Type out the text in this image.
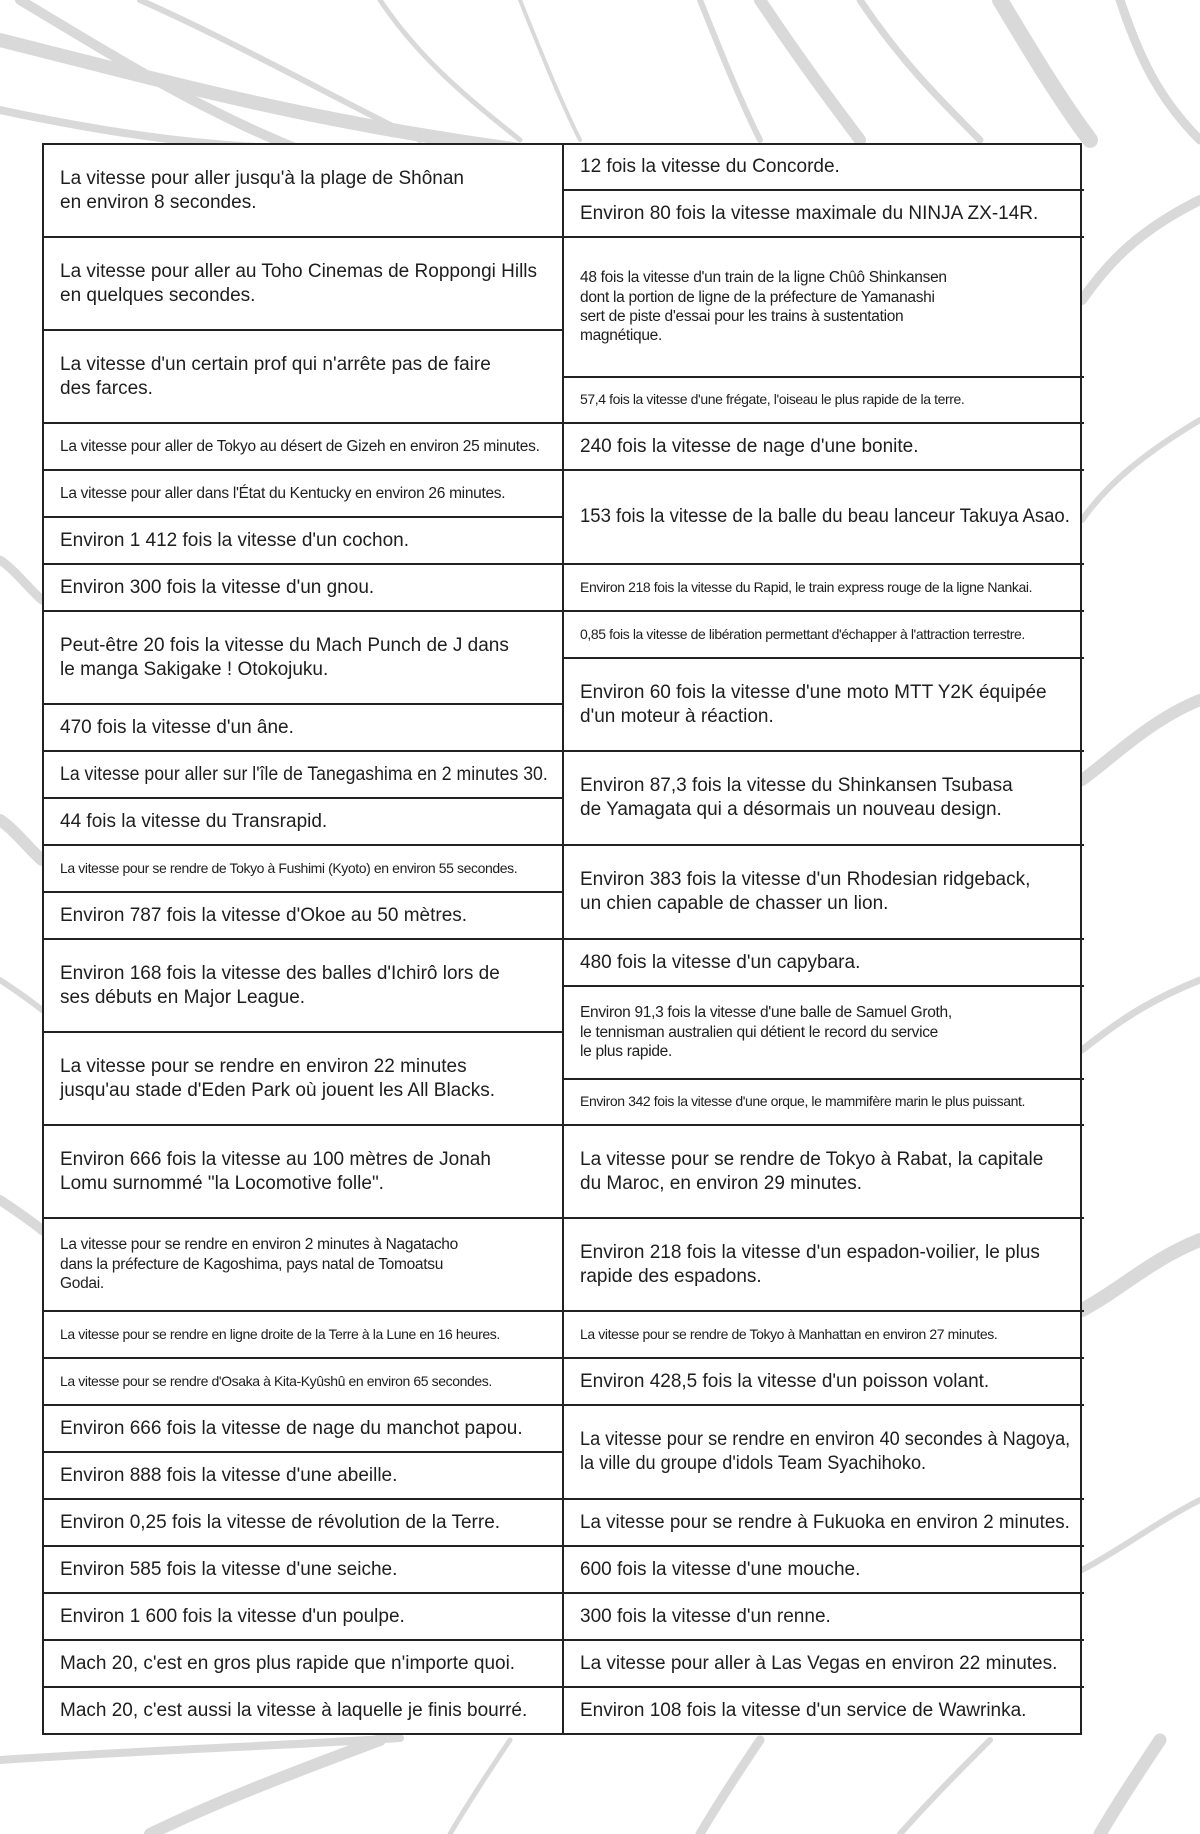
La vitesse pour aller jusqu'à la plage de Shônan
en environ 8 secondes.
La vitesse pour aller au Toho Cinemas de Roppongi Hills
en quelques secondes.
La vitesse d'un certain prof qui n'arrête pas de faire
des farces.
La vitesse pour aller de Tokyo au désert de Gizeh en environ 25 minutes.
La vitesse pour aller dans l'État du Kentucky en environ 26 minutes.
Environ 1 412 fois la vitesse d'un cochon.
Environ 300 fois la vitesse d'un gnou.
Peut-être 20 fois la vitesse du Mach Punch de J dans
le manga Sakigake ! Otokojuku.
470 fois la vitesse d'un âne.
La vitesse pour aller sur l'île de Tanegashima en 2 minutes 30.
44 fois la vitesse du Transrapid.
La vitesse pour se rendre de Tokyo à Fushimi (Kyoto) en environ 55 secondes.
Environ 787 fois la vitesse d'Okoe au 50 mètres.
Environ 168 fois la vitesse des balles d'Ichirô lors de
ses débuts en Major League.
La vitesse pour se rendre en environ 22 minutes
jusqu'au stade d'Eden Park où jouent les All Blacks.
Environ 666 fois la vitesse au 100 mètres de Jonah
Lomu surnommé "la Locomotive folle".
La vitesse pour se rendre en environ 2 minutes à Nagatacho
dans la préfecture de Kagoshima, pays natal de Tomoatsu
Godai.
La vitesse pour se rendre en ligne droite de la Terre à la Lune en 16 heures.
La vitesse pour se rendre d'Osaka à Kita-Kyûshû en environ 65 secondes.
Environ 666 fois la vitesse de nage du manchot papou.
Environ 888 fois la vitesse d'une abeille.
Environ 0,25 fois la vitesse de révolution de la Terre.
Environ 585 fois la vitesse d'une seiche.
Environ 1 600 fois la vitesse d'un poulpe.
Mach 20, c'est en gros plus rapide que n'importe quoi.
Mach 20, c'est aussi la vitesse à laquelle je finis bourré.
12 fois la vitesse du Concorde.
Environ 80 fois la vitesse maximale du NINJA ZX-14R.
48 fois la vitesse d'un train de la ligne Chûô Shinkansen
dont la portion de ligne de la préfecture de Yamanashi
sert de piste d'essai pour les trains à sustentation
magnétique.
57,4 fois la vitesse d'une frégate, l'oiseau le plus rapide de la terre.
240 fois la vitesse de nage d'une bonite.
153 fois la vitesse de la balle du beau lanceur Takuya Asao.
Environ 218 fois la vitesse du Rapid, le train express rouge de la ligne Nankai.
0,85 fois la vitesse de libération permettant d'échapper à l'attraction terrestre.
Environ 60 fois la vitesse d'une moto MTT Y2K équipée
d'un moteur à réaction.
Environ 87,3 fois la vitesse du Shinkansen Tsubasa
de Yamagata qui a désormais un nouveau design.
Environ 383 fois la vitesse d'un Rhodesian ridgeback,
un chien capable de chasser un lion.
480 fois la vitesse d'un capybara.
Environ 91,3 fois la vitesse d'une balle de Samuel Groth,
le tennisman australien qui détient le record du service
le plus rapide.
Environ 342 fois la vitesse d'une orque, le mammifère marin le plus puissant.
La vitesse pour se rendre de Tokyo à Rabat, la capitale
du Maroc, en environ 29 minutes.
Environ 218 fois la vitesse d'un espadon-voilier, le plus
rapide des espadons.
La vitesse pour se rendre de Tokyo à Manhattan en environ 27 minutes.
Environ 428,5 fois la vitesse d'un poisson volant.
La vitesse pour se rendre en environ 40 secondes à Nagoya,
la ville du groupe d'idols Team Syachihoko.
La vitesse pour se rendre à Fukuoka en environ 2 minutes.
600 fois la vitesse d'une mouche.
300 fois la vitesse d'un renne.
La vitesse pour aller à Las Vegas en environ 22 minutes.
Environ 108 fois la vitesse d'un service de Wawrinka.
